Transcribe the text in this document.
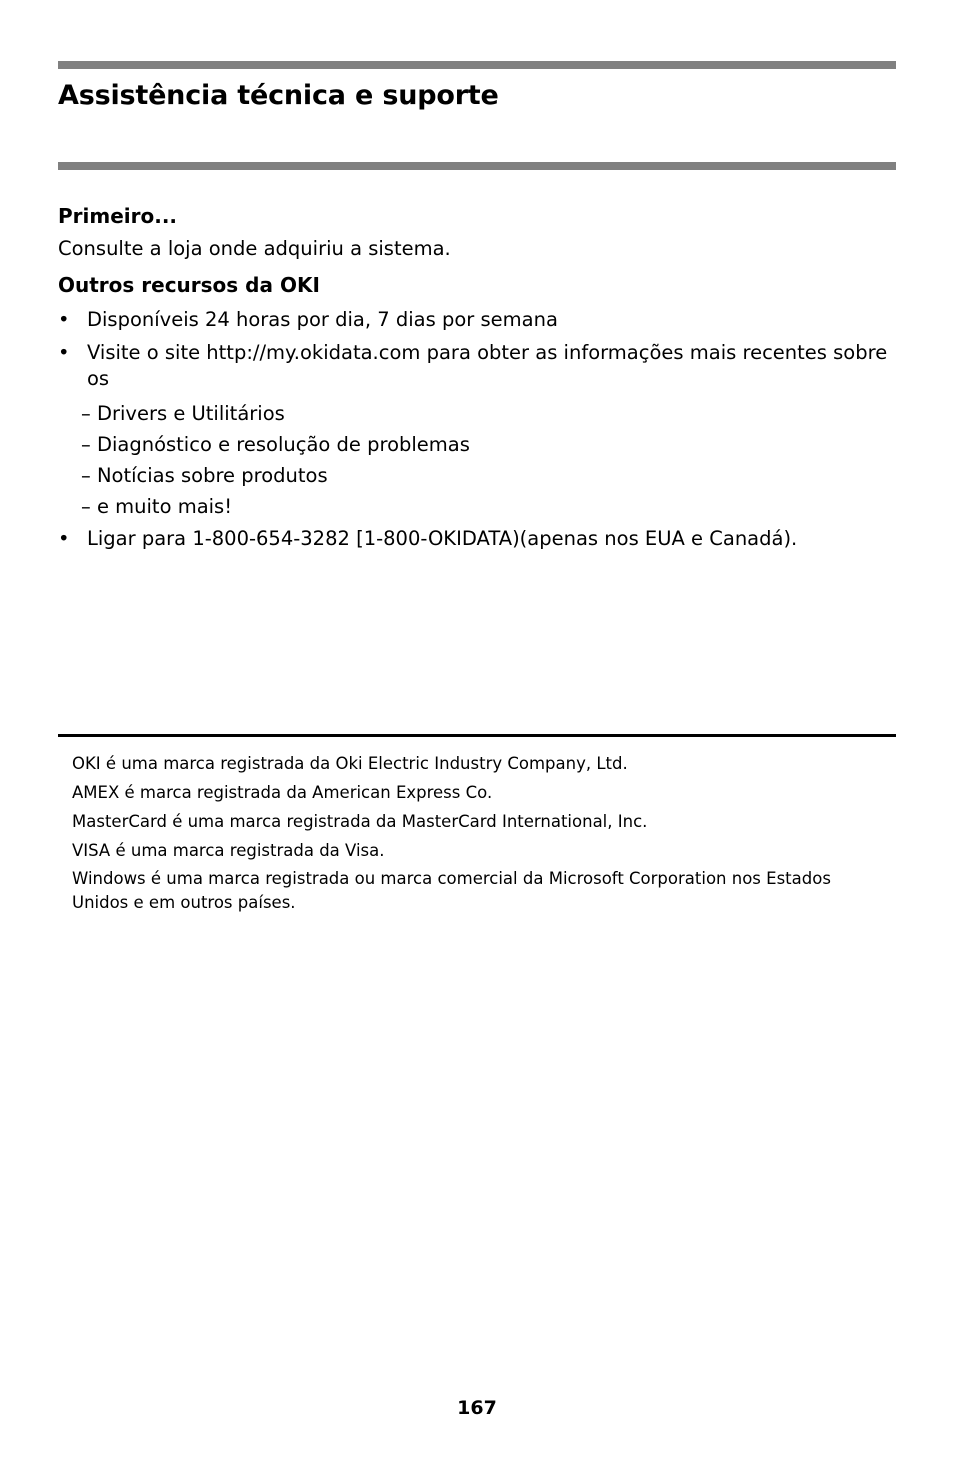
Assistência técnica e suporte
Primeiro...

Consulte a loja onde adquiriu a sistema.

Outros recursos da OKI
• Disponíveis 24 horas por dia, 7 dias por semana
• Visite o site http://my.okidata.com para obter as informações mais recentes sobre os
– Drivers e Utilitários
– Diagnóstico e resolução de problemas
– Notícias sobre produtos
– e muito mais!
• Ligar para 1-800-654-3282 [1-800-OKIDATA)(apenas nos EUA e Canadá).

OKI é uma marca registrada da Oki Electric Industry Company, Ltd.

AMEX é marca registrada da American Express Co.

MasterCard é uma marca registrada da MasterCard International, Inc.

VISA é uma marca registrada da Visa.

Windows é uma marca registrada ou marca comercial da Microsoft Corporation nos Estados Unidos e em outros países.

167
